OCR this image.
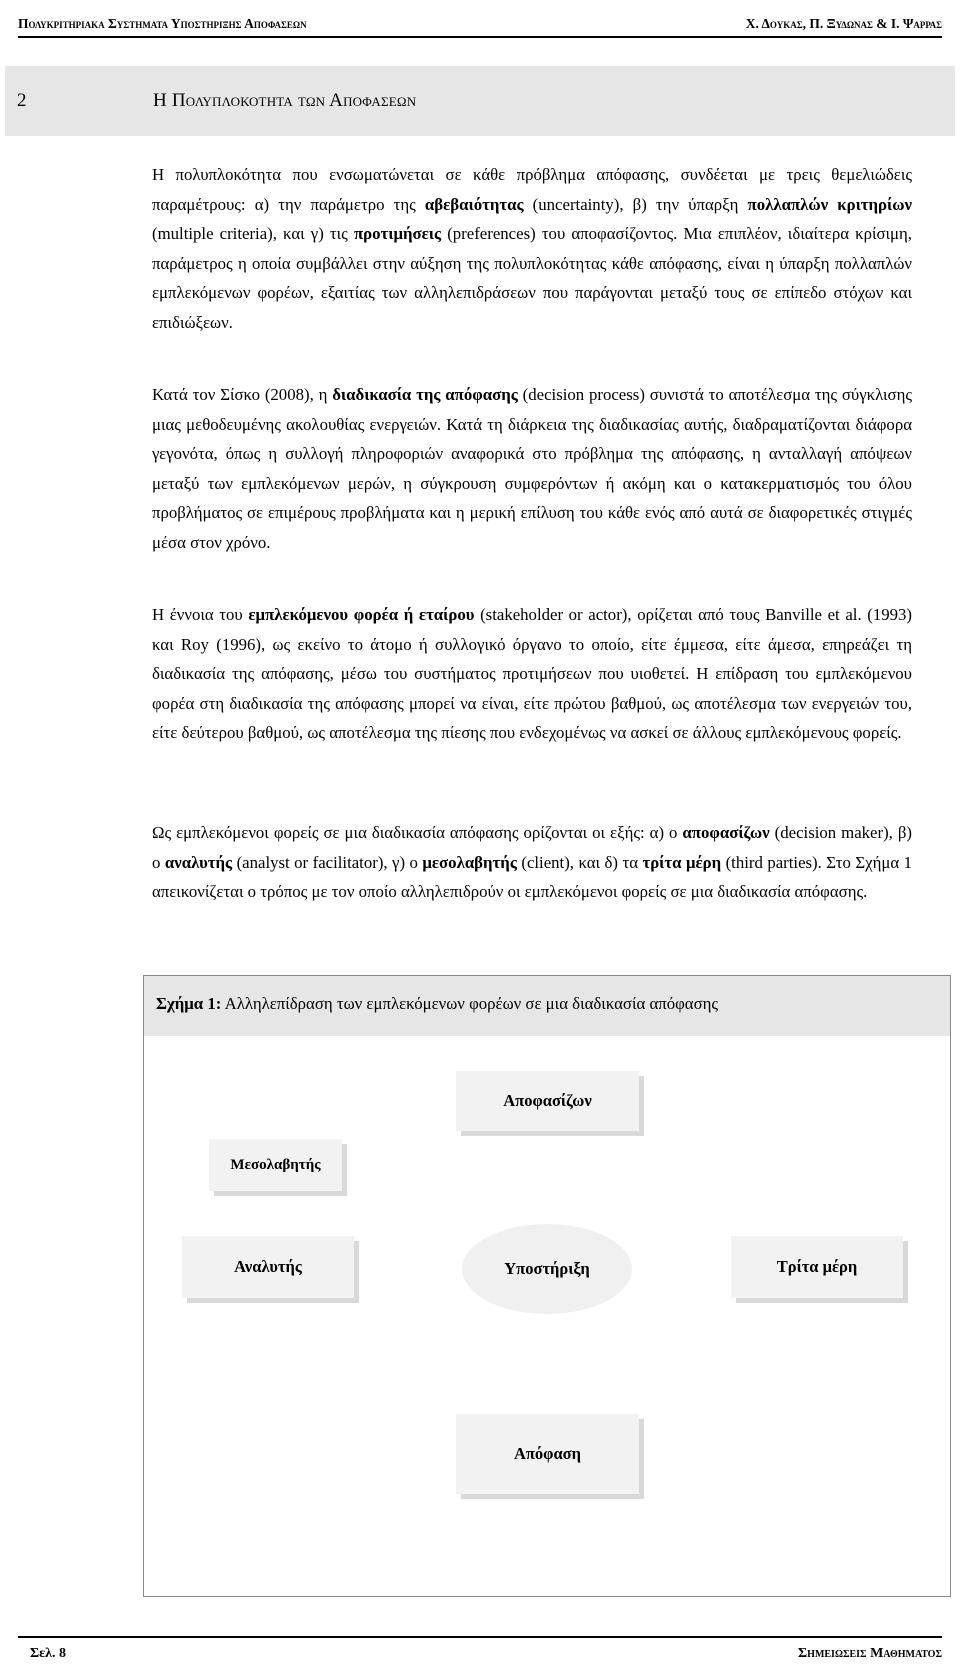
Πολυκριτηριακα Συστηματα Υποστηριξης Αποφασεων	Χ. Δουκας, Π. Ξυδωνας & Ι. Ψαρρας
2	Η Πολυπλοκοτητα των Αποφασεων
Η πολυπλοκότητα που ενσωματώνεται σε κάθε πρόβλημα απόφασης, συνδέεται με τρεις θεμελιώδεις παραμέτρους: α) την παράμετρο της αβεβαιότητας (uncertainty), β) την ύπαρξη πολλαπλών κριτηρίων (multiple criteria), και γ) τις προτιμήσεις (preferences) του αποφασίζοντος. Μια επιπλέον, ιδιαίτερα κρίσιμη, παράμετρος η οποία συμβάλλει στην αύξηση της πολυπλοκότητας κάθε απόφασης, είναι η ύπαρξη πολλαπλών εμπλεκόμενων φορέων, εξαιτίας των αλληλεπιδράσεων που παράγονται μεταξύ τους σε επίπεδο στόχων και επιδιώξεων.
Κατά τον Σίσκο (2008), η διαδικασία της απόφασης (decision process) συνιστά το αποτέλεσμα της σύγκλισης μιας μεθοδευμένης ακολουθίας ενεργειών. Κατά τη διάρκεια της διαδικασίας αυτής, διαδραματίζονται διάφορα γεγονότα, όπως η συλλογή πληροφοριών αναφορικά στο πρόβλημα της απόφασης, η ανταλλαγή απόψεων μεταξύ των εμπλεκόμενων μερών, η σύγκρουση συμφερόντων ή ακόμη και ο κατακερματισμός του όλου προβλήματος σε επιμέρους προβλήματα και η μερική επίλυση του κάθε ενός από αυτά σε διαφορετικές στιγμές μέσα στον χρόνο.
Η έννοια του εμπλεκόμενου φορέα ή εταίρου (stakeholder or actor), ορίζεται από τους Banville et al. (1993) και Roy (1996), ως εκείνο το άτομο ή συλλογικό όργανο το οποίο, είτε έμμεσα, είτε άμεσα, επηρεάζει τη διαδικασία της απόφασης, μέσω του συστήματος προτιμήσεων που υιοθετεί. Η επίδραση του εμπλεκόμενου φορέα στη διαδικασία της απόφασης μπορεί να είναι, είτε πρώτου βαθμού, ως αποτέλεσμα των ενεργειών του, είτε δεύτερου βαθμού, ως αποτέλεσμα της πίεσης που ενδεχομένως να ασκεί σε άλλους εμπλεκόμενους φορείς.
Ως εμπλεκόμενοι φορείς σε μια διαδικασία απόφασης ορίζονται οι εξής: α) ο αποφασίζων (decision maker), β) ο αναλυτής (analyst or facilitator), γ) ο μεσολαβητής (client), και δ) τα τρίτα μέρη (third parties). Στο Σχήμα 1 απεικονίζεται ο τρόπος με τον οποίο αλληλεπιδρούν οι εμπλεκόμενοι φορείς σε μια διαδικασία απόφασης.
Σχήμα 1: Αλληλεπίδραση των εμπλεκόμενων φορέων σε μια διαδικασία απόφασης
Αποφασίζων
Μεσολαβητής
Αναλυτής	Υποστήριξη	Τρίτα μέρη
Απόφαση
Σελ. 8	Σημειωσεις Μαθηματος
